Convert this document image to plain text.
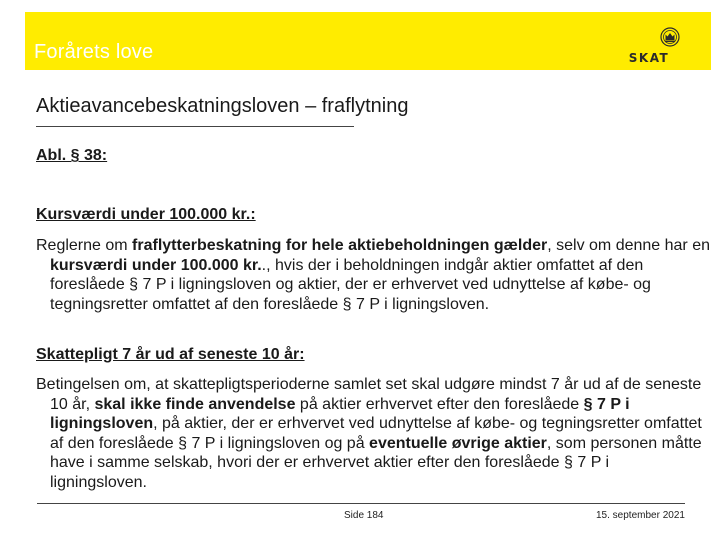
Forårets love	SKAT
Aktieavancebeskatningsloven – fraflytning
Abl. § 38:
Kursværdi under 100.000 kr.:
Reglerne om fraflytterbeskatning for hele aktiebeholdningen gælder, selv om denne har en kursværdi under 100.000 kr.., hvis der i beholdningen indgår aktier omfattet af den foreslåede § 7 P i ligningsloven og aktier, der er erhvervet ved udnyttelse af købe- og tegningsretter omfattet af den foreslåede § 7 P i ligningsloven.
Skattepligt 7 år ud af seneste 10 år:
Betingelsen om, at skattepligtsperioderne samlet set skal udgøre mindst 7 år ud af de seneste 10 år, skal ikke finde anvendelse på aktier erhvervet efter den foreslåede § 7 P i ligningsloven, på aktier, der er erhvervet ved udnyttelse af købe- og tegningsretter omfattet af den foreslåede § 7 P i ligningsloven og på eventuelle øvrige aktier, som personen måtte have i samme selskab, hvori der er erhvervet aktier efter den foreslåede § 7 P i ligningsloven.
Side 184	15. september 2021
